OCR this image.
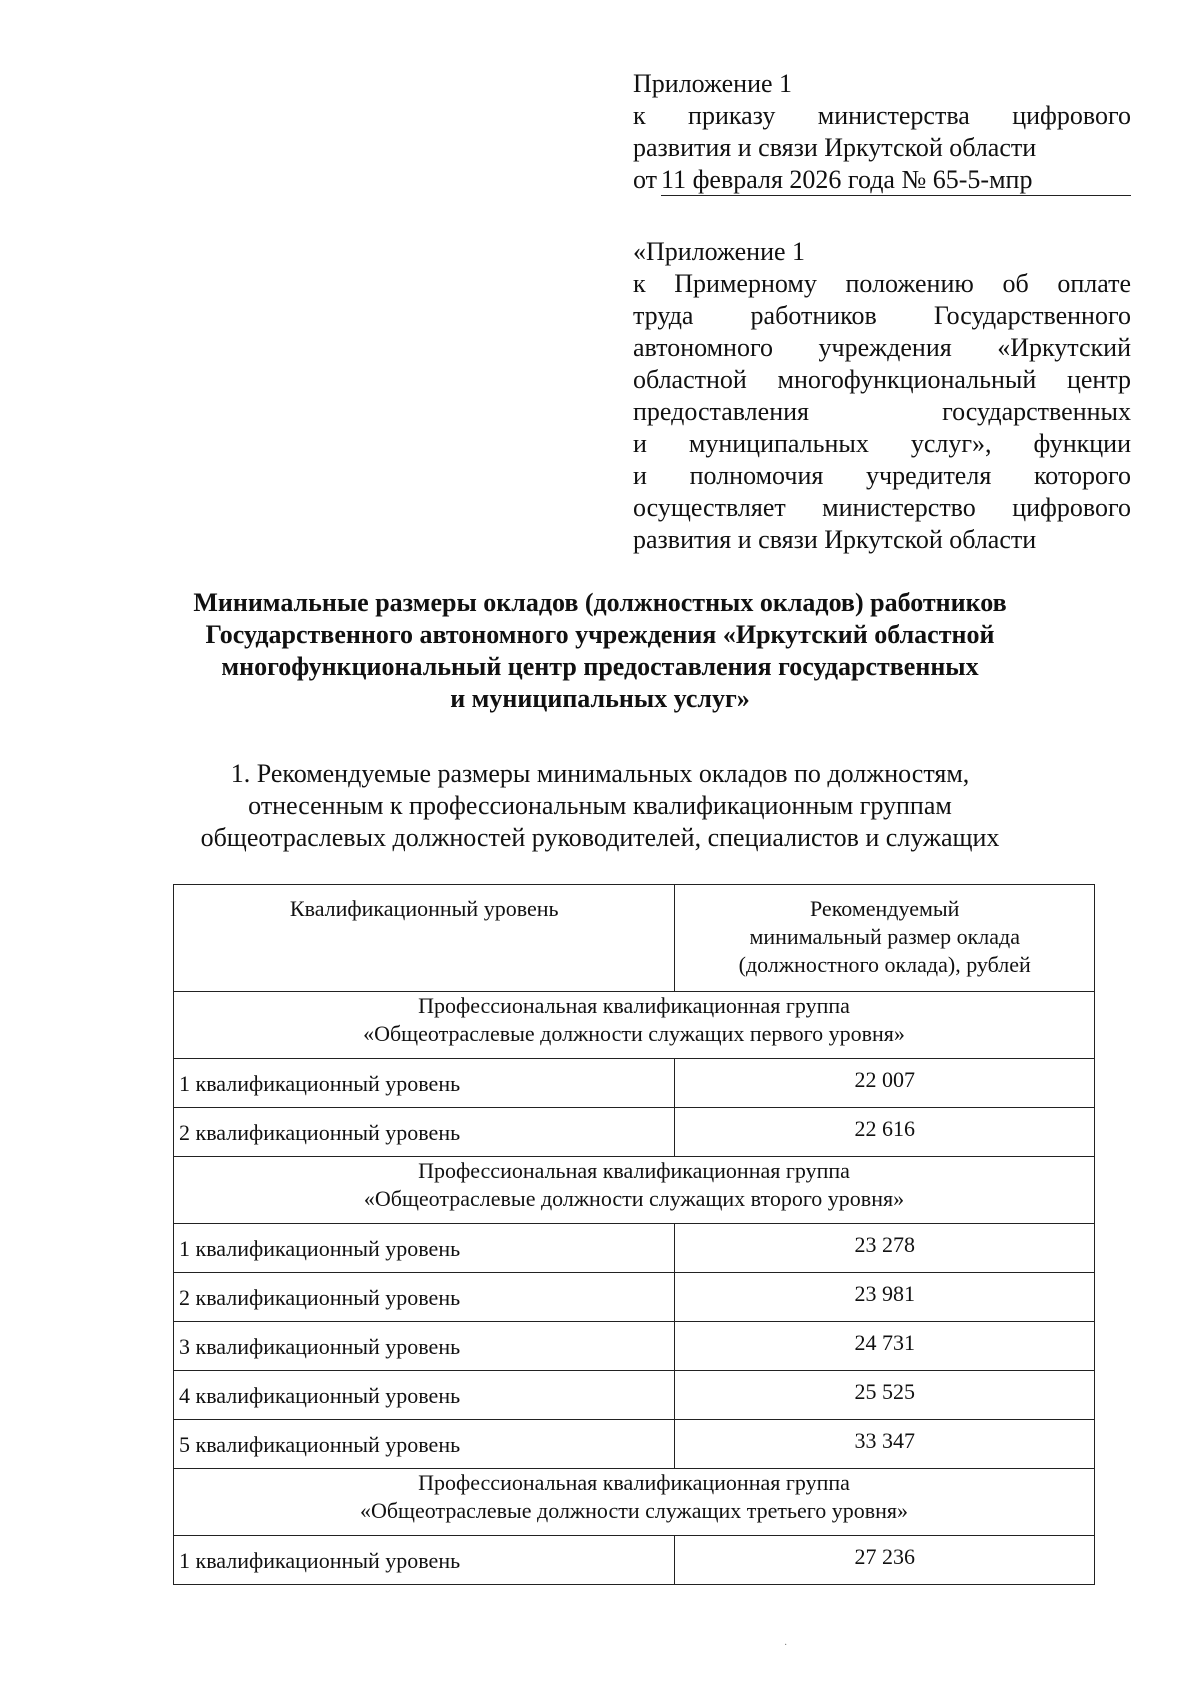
Приложение 1
к приказу министерства цифрового
развития и связи Иркутской области
от 11 февраля 2026 года № 65-5-мпр
«Приложение 1
к Примерному положению об оплате
труда работников Государственного
автономного учреждения «Иркутский
областной многофункциональный центр
предоставления государственных
и муниципальных услуг», функции
и полномочия учредителя которого
осуществляет министерство цифрового
развития и связи Иркутской области
Минимальные размеры окладов (должностных окладов) работников
Государственного автономного учреждения «Иркутский областной
многофункциональный центр предоставления государственных
и муниципальных услуг»
1. Рекомендуемые размеры минимальных окладов по должностям,
отнесенным к профессиональным квалификационным группам
общеотраслевых должностей руководителей, специалистов и служащих
Квалификационный уровень	Рекомендуемый
минимальный размер оклада
(должностного оклада), рублей

Профессиональная квалификационная группа
«Общеотраслевые должности служащих первого уровня»	

1 квалификационный уровень	22 007
2 квалификационный уровень	22 616

Профессиональная квалификационная группа
«Общеотраслевые должности служащих второго уровня»	

1 квалификационный уровень	23 278
2 квалификационный уровень	23 981
3 квалификационный уровень	24 731
4 квалификационный уровень	25 525
5 квалификационный уровень	33 347

Профессиональная квалификационная группа
«Общеотраслевые должности служащих третьего уровня»	

1 квалификационный уровень	27 236
·
